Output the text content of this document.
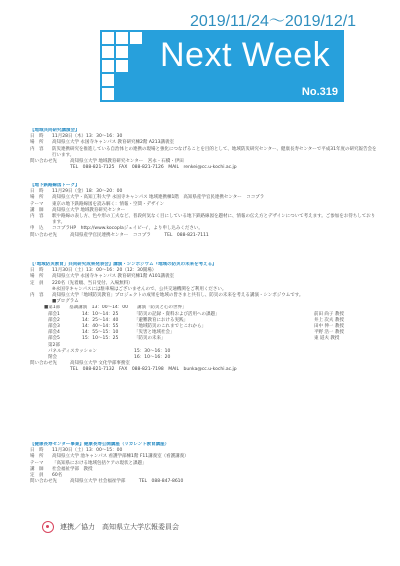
2019/11/24～2019/12/1
Next Week
No.319
【地域共同研究講演会】
日　時	11月28日（木）13：30～16：30
場　所	高知県立大学 永国寺キャンパス 教育研究棟2階 A213講義室
内　容	防災連携研究を推進している自治体との連携の現場と強化につなげることを目的として、地域防災研究センター、健康長寿センターで平成31年度の研究報告会を行います。
問い合わせ先	高知県立大学 地域教育研究センター　宮永・石橋・伊田
TEL　088-821-7125　FAX　088-821-7126　MAIL　renkei@cc.u-kochi.ac.jp
【地下鉄路線図トーク】
日　時	11月29日（金）18：30～20：00
場　所	高知県立大学・高知工科大学 永国寺キャンパス 地域連携棟1階　高知県産学官民連携センター　ココプラ
テーマ	東京の地下鉄路線図を読み解く：情報・空間・デザイン
講　師	高知県立大学 地域教育研究センター
内　容	駅や路線の表し方、色や形の工夫など、普段何気なく目にしている地下鉄路線図を題材に、情報の伝え方とデザインについて考えます。ご参加をお待ちしております。
申　込	ココプラHP　http://www.kocoplaジェイピー/ ，より申し込みください。
問い合わせ先	高知県産学官民連携センター　ココプラ　　　TEL　088-821-7111
【「地域防災教育」共同研究成果発表会】講演・シンポジウム『地域の防災の未来を考える』
日　時	11月30日（土）13：00～16：20（12：30開場）
場　所	高知県立大学 永国寺キャンパス 教育研究棟1階 A101講義室
定　員	220名（先着順、当日受付、入場無料）
※永国寺キャンパスには駐車場はございませんので、公共交通機関をご利用ください。
内　容	高知県立大学「地域防災教育」プロジェクトの成果を地域の皆さまと共有し、防災の未来を考える講演・シンポジウムです。
■プログラム
■第1部　　基調講演　13：00～14：00　　講演「防災と心の世界」
部会1	14：10～14：25	「防災の記録・資料および活用への課題」	前田 尚子 教授
部会2	14：25～14：40	「避難教育における実践」	井上 次夫 教授
部会3	14：40～14：55	「地域防災のこれまでとこれから」	田中 伸一 教授
部会4	14：55～15：10	「災害と地域社会」	平野 浩一 教授
部会5	15：10～15：25	「防災の未来」	東 道夫 教授
第2部
パネルディスカッション	15：30～16：10
閉会	16：10～16：20
問い合わせ先	高知県立大学 文化学部事務室
TEL　088-821-7132　FAX　088-821-7198　MAIL　bunka@cc.u-kochi.ac.jp
【健康長寿センター事業】健康長寿公開講座（リカレント教育講座）
日　時	11月30日（土）13：00～15：00
場　所	高知県立大学 池キャンパス 看護学部棟1階 F11講義室（看護講義）
テーマ	「高知県における地域包括ケアの現状と課題」
講　師	社会福祉学部　教授
定　員	60名
問い合わせ先	高知県立大学 社会福祉学部　　　TEL　088-847-8610
連携／協力　高知県立大学広報委員会
